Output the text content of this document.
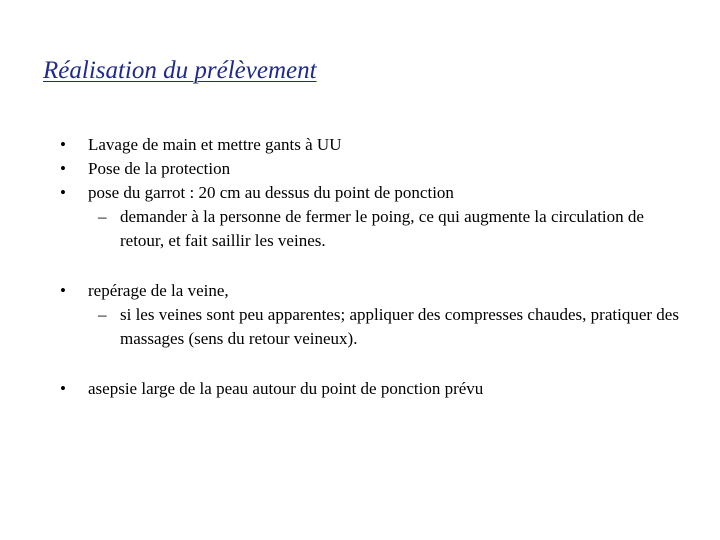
Réalisation du prélèvement
• Lavage de main et mettre gants à UU
• Pose de la protection
• pose du garrot : 20 cm au dessus du point de ponction
– demander à la personne de fermer le poing, ce qui augmente la circulation de retour, et fait saillir les veines.
• repérage de la veine,
– si les veines sont peu apparentes; appliquer des compresses chaudes, pratiquer des massages (sens du retour veineux).
• asepsie large de la peau autour du point de ponction prévu
